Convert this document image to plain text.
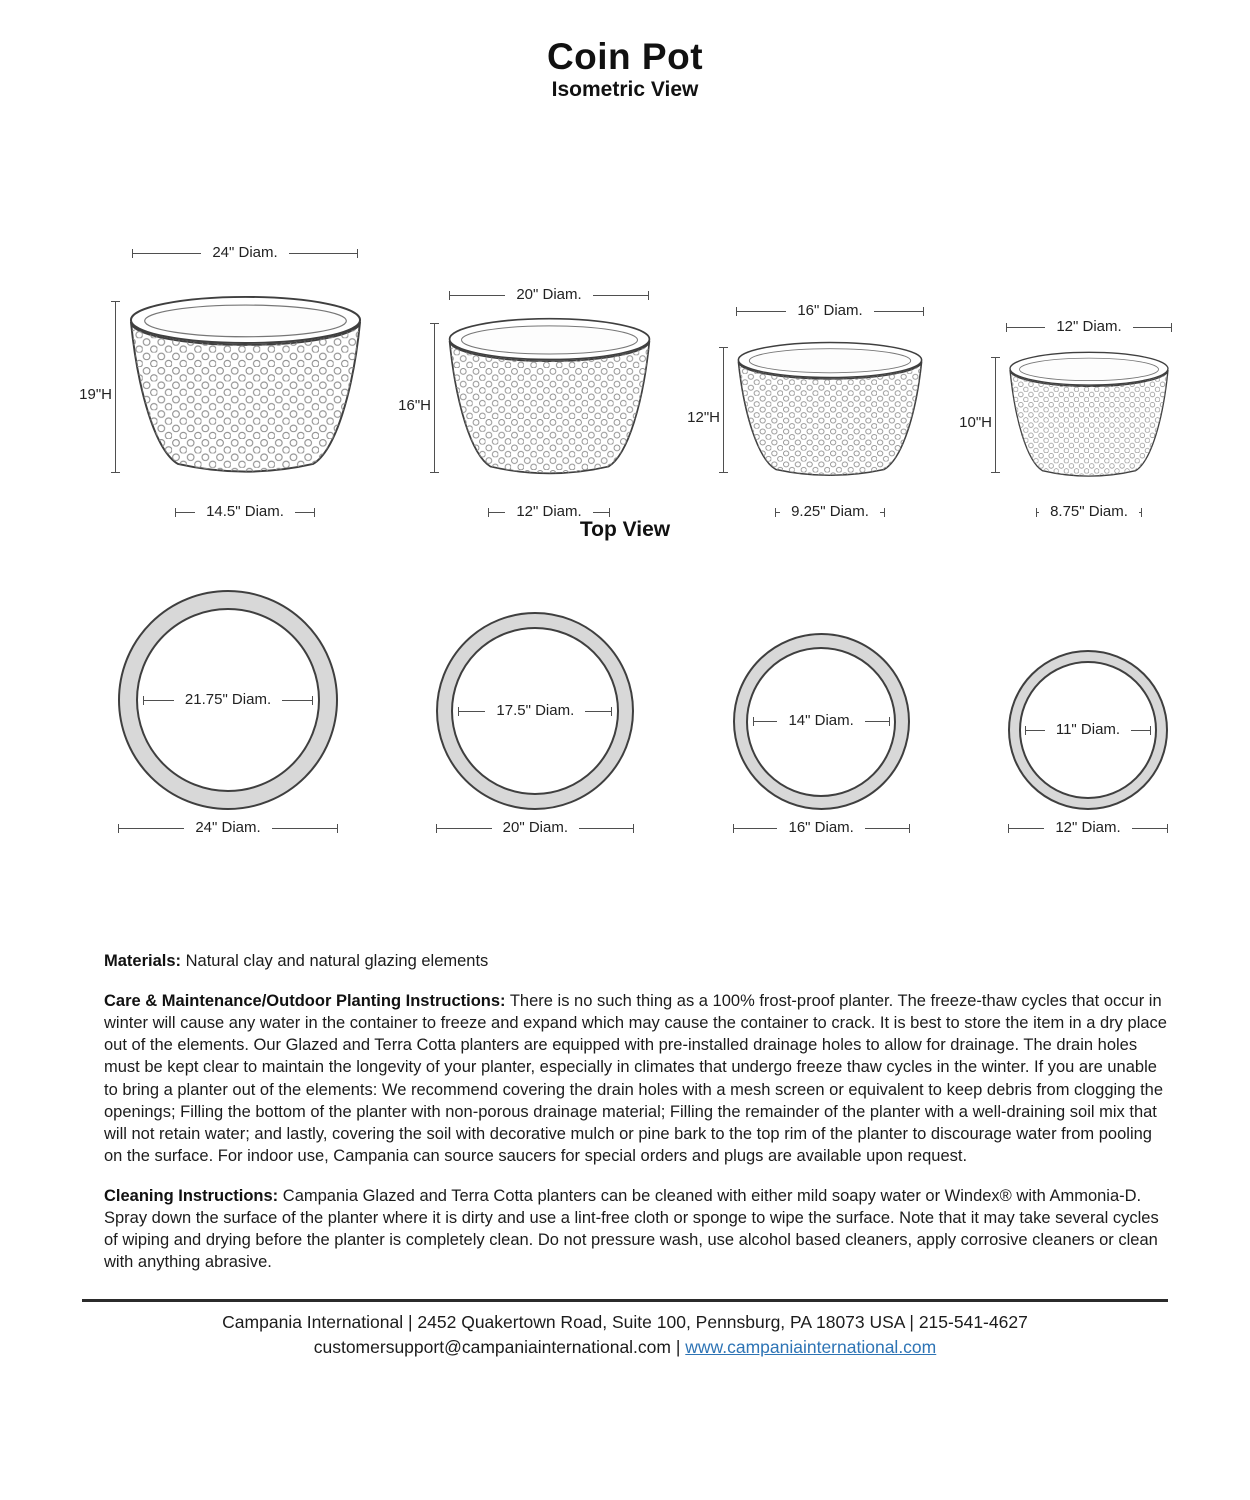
Coin Pot
Isometric View
24" Diam.
19"H
14.5" Diam.
20" Diam.
16"H
12" Diam.
16" Diam.
12"H
9.25" Diam.
12" Diam.
10"H
8.75" Diam.
Top View
21.75" Diam.
24" Diam.
17.5" Diam.
20" Diam.
14" Diam.
16" Diam.
11" Diam.
12" Diam.

Materials: Natural clay and natural glazing elements

Care & Maintenance/Outdoor Planting Instructions: There is no such thing as a 100% frost-proof planter. The freeze-thaw cycles that occur in winter will cause any water in the container to freeze and expand which may cause the container to crack. It is best to store the item in a dry place out of the elements. Our Glazed and Terra Cotta planters are equipped with pre-installed drainage holes to allow for drainage. The drain holes must be kept clear to maintain the longevity of your planter, especially in climates that undergo freeze thaw cycles in the winter. If you are unable to bring a planter out of the elements: We recommend covering the drain holes with a mesh screen or equivalent to keep debris from clogging the openings; Filling the bottom of the planter with non-porous drainage material; Filling the remainder of the planter with a well-draining soil mix that will not retain water; and lastly, covering the soil with decorative mulch or pine bark to the top rim of the planter to discourage water from pooling on the surface. For indoor use, Campania can source saucers for special orders and plugs are available upon request.

Cleaning Instructions: Campania Glazed and Terra Cotta planters can be cleaned with either mild soapy water or Windex® with Ammonia-D. Spray down the surface of the planter where it is dirty and use a lint-free cloth or sponge to wipe the surface. Note that it may take several cycles of wiping and drying before the planter is completely clean. Do not pressure wash, use alcohol based cleaners, apply corrosive cleaners or clean with anything abrasive.

Campania International | 2452 Quakertown Road, Suite 100, Pennsburg, PA 18073 USA | 215-541-4627
customersupport@campaniainternational.com | www.campaniainternational.com
